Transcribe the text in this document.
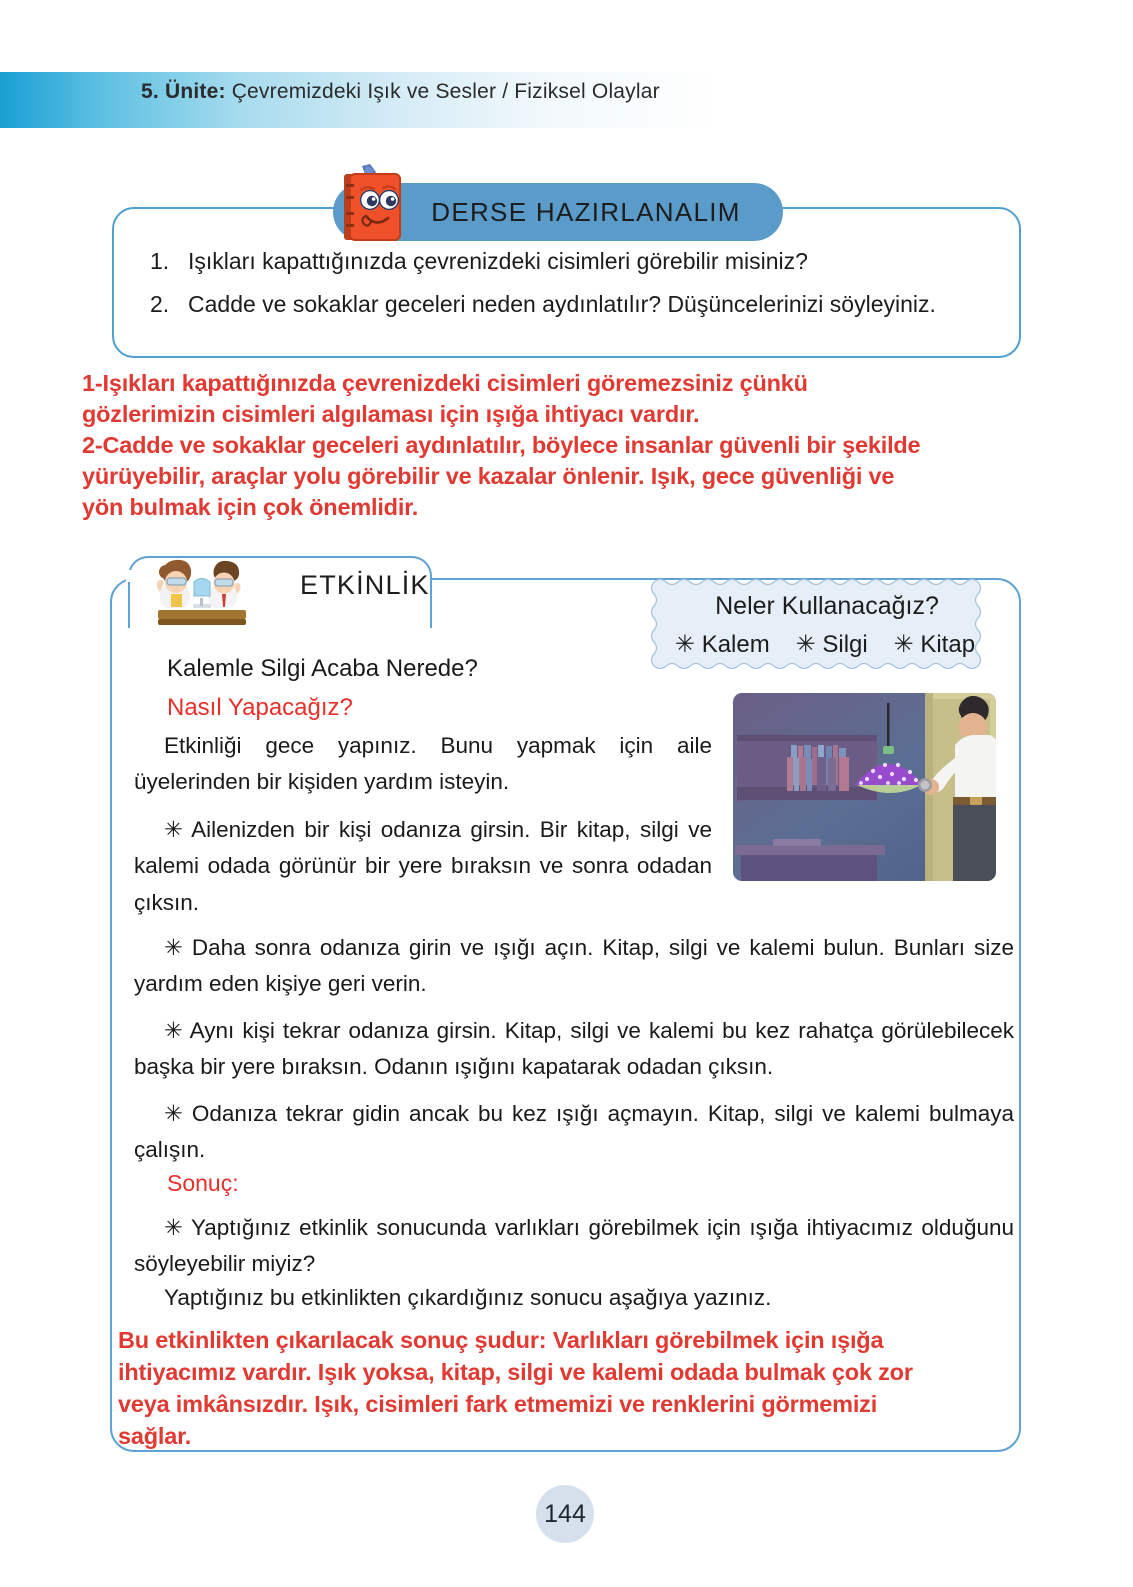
5. Ünite: Çevremizdeki Işık ve Sesler / Fiziksel Olaylar
DERSE HAZIRLANALIM
1. Işıkları kapattığınızda çevrenizdeki cisimleri görebilir misiniz?
2. Cadde ve sokaklar geceleri neden aydınlatılır? Düşüncelerinizi söyleyiniz.
1-Işıkları kapattığınızda çevrenizdeki cisimleri göremezsiniz çünkü
gözlerimizin cisimleri algılaması için ışığa ihtiyacı vardır.
2-Cadde ve sokaklar geceleri aydınlatılır, böylece insanlar güvenli bir şekilde
yürüyebilir, araçlar yolu görebilir ve kazalar önlenir. Işık, gece güvenliği ve
yön bulmak için çok önemlidir.
ETKİNLİK
Neler Kullanacağız?
✳ Kalem ✳ Silgi ✳ Kitap
Kalemle Silgi Acaba Nerede?
Nasıl Yapacağız?
Etkinliği gece yapınız. Bunu yapmak için aile üyelerinden bir kişiden yardım isteyin.
✳ Ailenizden bir kişi odanıza girsin. Bir kitap, silgi ve kalemi odada görünür bir yere bıraksın ve sonra odadan çıksın.
✳ Daha sonra odanıza girin ve ışığı açın. Kitap, silgi ve kalemi bulun. Bunları size yardım eden kişiye geri verin.
✳ Aynı kişi tekrar odanıza girsin. Kitap, silgi ve kalemi bu kez rahatça görülebilecek başka bir yere bıraksın. Odanın ışığını kapatarak odadan çıksın.
✳ Odanıza tekrar gidin ancak bu kez ışığı açmayın. Kitap, silgi ve kalemi bulmaya çalışın.
Sonuç:
✳ Yaptığınız etkinlik sonucunda varlıkları görebilmek için ışığa ihtiyacımız olduğunu söyleyebilir miyiz?
Yaptığınız bu etkinlikten çıkardığınız sonucu aşağıya yazınız.
Bu etkinlikten çıkarılacak sonuç şudur: Varlıkları görebilmek için ışığa
ihtiyacımız vardır. Işık yoksa, kitap, silgi ve kalemi odada bulmak çok zor
veya imkânsızdır. Işık, cisimleri fark etmemizi ve renklerini görmemizi
sağlar.
144
